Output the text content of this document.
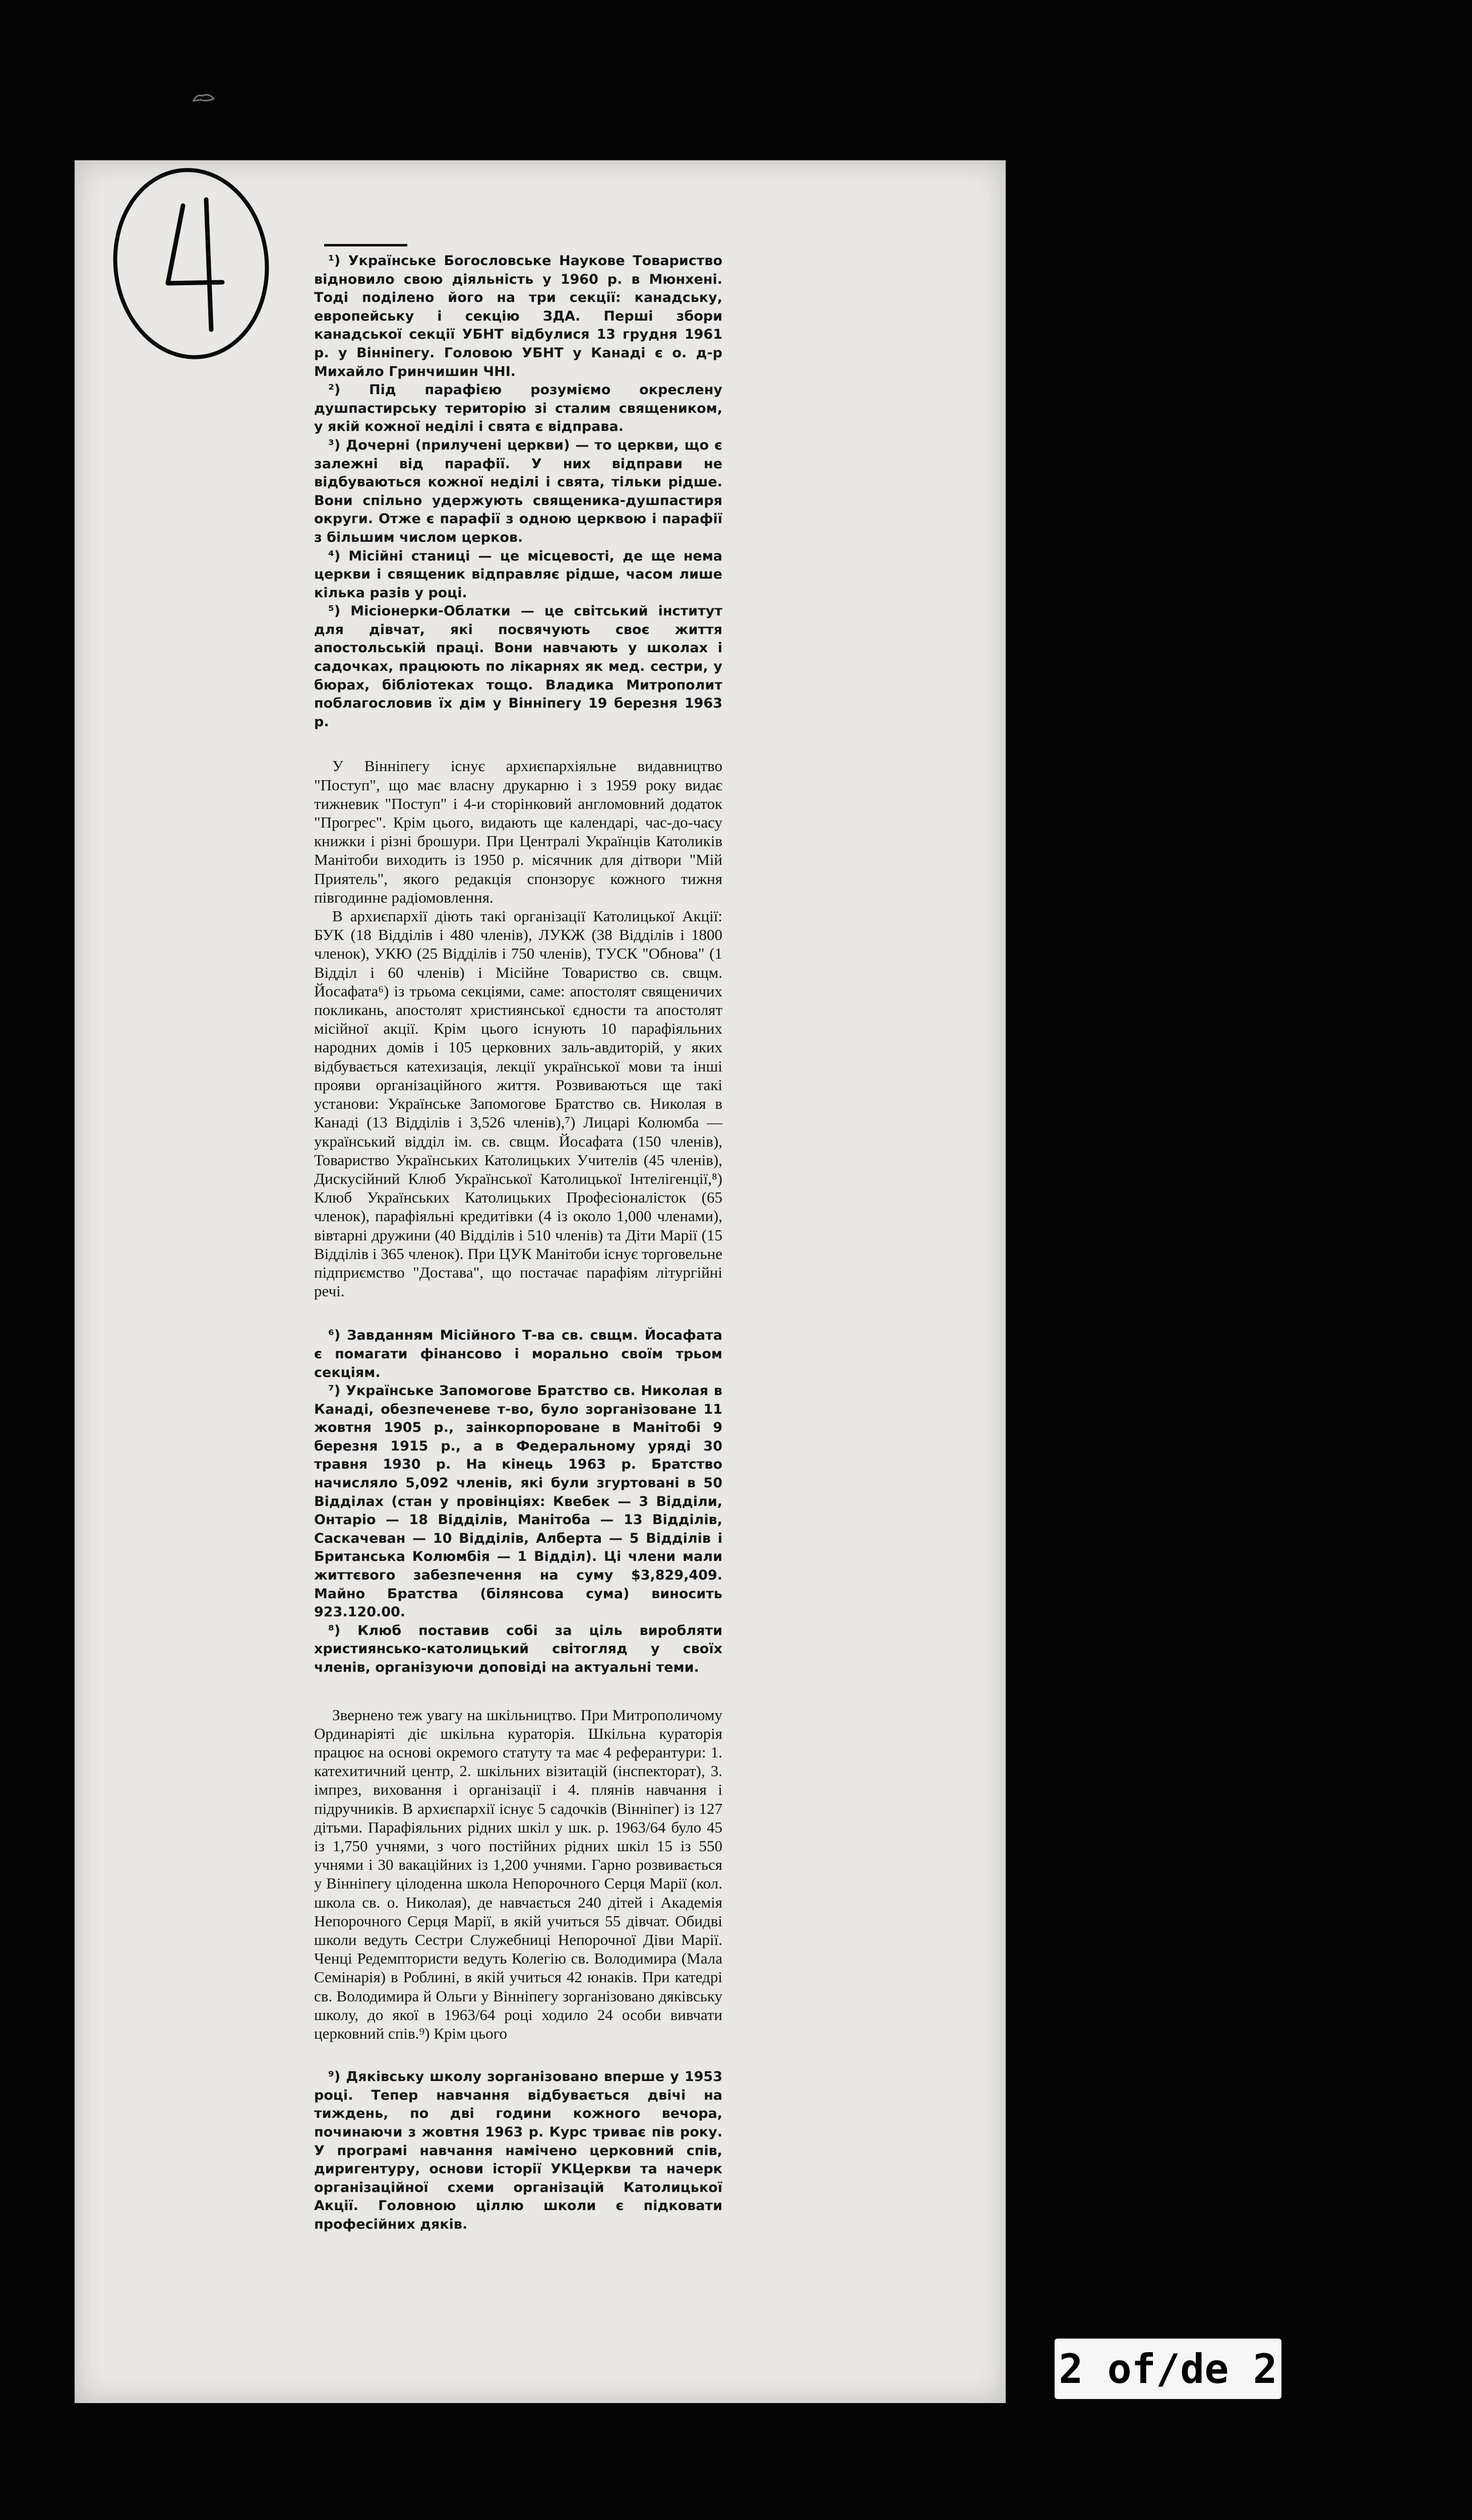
¹) Українське Богословське Наукове Товариство відновило свою діяльність у 1960 р. в Мюнхені. Тоді поділено його на три секції: канадську, европейську і секцію ЗДА. Перші збори канадської секції УБНТ відбулися 13 грудня 1961 р. у Вінніпегу. Головою УБНТ у Канаді є о. д-р Михайло Гринчишин ЧНІ.

²) Під парафією розуміємо окреслену душпастирську територію зі сталим священиком, у якій кожної неділі і свята є відправа.

³) Дочерні (прилучені церкви) — то церкви, що є залежні від парафії. У них відправи не відбуваються кожної неділі і свята, тільки рідше. Вони спільно удержують священика-душпастиря округи. Отже є парафії з одною церквою і парафії з більшим числом церков.

⁴) Місійні станиці — це місцевості, де ще нема церкви і священик відправляє рідше, часом лише кілька разів у році.

⁵) Місіонерки-Облатки — це світський інститут для дівчат, які посвячують своє життя апостольській праці. Вони навчають у школах і садочках, працюють по лікарнях як мед. сестри, у бюрах, бібліотеках тощо. Владика Митрополит поблагословив їх дім у Вінніпегу 19 березня 1963 р.

У Вінніпегу існує архиєпархіяльне видавництво "Поступ", що має власну друкарню і з 1959 року видає тижневик "Поступ" і 4-и сторінковий англомовний додаток "Прогрес". Крім цього, видають ще календарі, час-до-часу книжки і різні брошури. При Централі Українців Католиків Манітоби виходить із 1950 р. місячник для дітвори "Мій Приятель", якого редакція спонзорує кожного тижня півгодинне радіомовлення.

В архиєпархії діють такі організації Католицької Акції: БУК (18 Відділів і 480 членів), ЛУКЖ (38 Відділів і 1800 членок), УКЮ (25 Відділів і 750 членів), ТУСК "Обнова" (1 Відділ і 60 членів) і Місійне Товариство св. свщм. Йосафата⁶) із трьома секціями, саме: апостолят священичих покликань, апостолят християнської єдности та апостолят місійної акції. Крім цього існують 10 парафіяльних народних домів і 105 церковних заль-авдиторій, у яких відбувається катехизація, лекції української мови та інші прояви організаційного життя. Розвиваються ще такі установи: Українське Запомогове Братство св. Николая в Канаді (13 Відділів і 3,526 членів),⁷) Лицарі Колюмба — український відділ ім. св. свщм. Йосафата (150 членів), Товариство Українських Католицьких Учителів (45 членів), Дискусійний Клюб Української Католицької Інтелігенції,⁸) Клюб Українських Католицьких Професіоналісток (65 членок), парафіяльні кредитівки (4 із около 1,000 членами), вівтарні дружини (40 Відділів і 510 членів) та Діти Марії (15 Відділів і 365 членок). При ЦУК Манітоби існує торговельне підприємство "Достава", що постачає парафіям літургійні речі.

⁶) Завданням Місійного Т-ва св. свщм. Йосафата є помагати фінансово і морально своїм трьом секціям.

⁷) Українське Запомогове Братство св. Николая в Канаді, обезпеченеве т-во, було зорганізоване 11 жовтня 1905 р., заінкорпороване в Манітобі 9 березня 1915 р., а в Федеральному уряді 30 травня 1930 р. На кінець 1963 р. Братство начисляло 5,092 членів, які були згуртовані в 50 Відділах (стан у провінціях: Квебек — 3 Відділи, Онтаріо — 18 Відділів, Манітоба — 13 Відділів, Саскачеван — 10 Відділів, Алберта — 5 Відділів і Британська Колюмбія — 1 Відділ). Ці члени мали життєвого забезпечення на суму $3,829,409. Майно Братства (білянсова сума) виносить 923.120.00.

⁸) Клюб поставив собі за ціль виробляти християнсько-католицький світогляд у своїх членів, організуючи доповіді на актуальні теми.

Звернено теж увагу на шкільництво. При Митрополичому Ординаріяті діє шкільна кураторія. Шкільна кураторія працює на основі окремого статуту та має 4 реферантури: 1. катехитичний центр, 2. шкільних візитацій (інспекторат), 3. імпрез, виховання і організації і 4. плянів навчання і підручників. В архиєпархії існує 5 садочків (Вінніпег) із 127 дітьми. Парафіяльних рідних шкіл у шк. р. 1963/64 було 45 із 1,750 учнями, з чого постійних рідних шкіл 15 із 550 учнями і 30 вакаційних із 1,200 учнями. Гарно розвивається у Вінніпегу цілоденна школа Непорочного Серця Марії (кол. школа св. о. Николая), де навчається 240 дітей і Академія Непорочного Серця Марії, в якій учиться 55 дівчат. Обидві школи ведуть Сестри Служебниці Непорочної Діви Марії. Ченці Редемптористи ведуть Колегію св. Володимира (Мала Семінарія) в Роблині, в якій учиться 42 юнаків. При катедрі св. Володимира й Ольги у Вінніпегу зорганізовано дяківську школу, до якої в 1963/64 році ходило 24 особи вивчати церковний спів.⁹) Крім цього

⁹) Дяківську школу зорганізовано вперше у 1953 році. Тепер навчання відбувається двічі на тиждень, по дві години кожного вечора, починаючи з жовтня 1963 р. Курс триває пів року. У програмі навчання намічено церковний спів, диригентуру, основи історії УКЦеркви та начерк організаційної схеми організацій Католицької Акції. Головною ціллю школи є підковати професійних дяків.

2 of/de 2
